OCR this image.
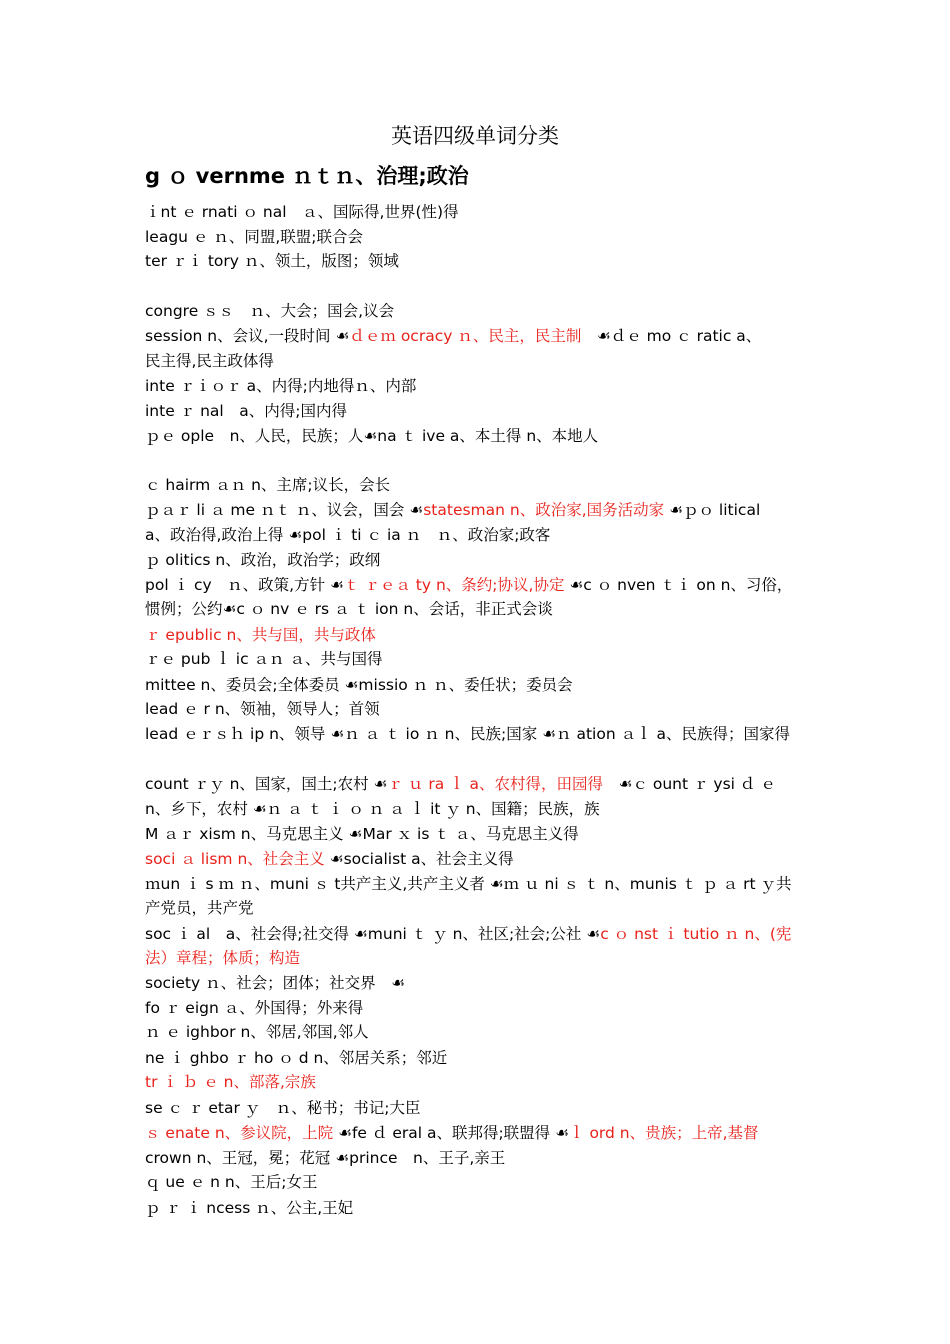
英语四级单词分类
g ｏ vernme ｎｔｎ、治理;政治
ｉnt ｅ rnati ｏ nal　ａ、国际得,世界(性)得
leagu ｅ ｎ、同盟,联盟;联合会
ter ｒｉ tory ｎ、领土，版图；领域
congre ｓｓ　ｎ、大会；国会,议会
session n、会议,一段时间 ☙ｄｅｍ ocracy ｎ、民主，民主制　☙ｄｅ mo ｃ ratic a、
民主得,民主政体得
inte ｒｉｏｒ a、内得;内地得ｎ、内部
inte ｒ nal　a、内得;国内得
ｐｅ ople　n、人民，民族；人☙na ｔ ive a、本土得 n、本地人
ｃ hairm ａｎ n、主席;议长，会长
ｐａｒ li ａ me ｎｔ ｎ、议会，国会 ☙statesman n、政治家,国务活动家 ☙ｐｏ litical
a、政治得,政治上得 ☙pol ｉ ti ｃ ia ｎ　ｎ、政治家;政客
ｐ olitics n、政治，政治学；政纲
pol ｉ cy　ｎ、政策,方针 ☙ｔ ｒｅａ ty n、条约;协议,协定 ☙c ｏ nven ｔｉ on n、习俗，
惯例；公约☙c ｏ nv ｅ rs ａ ｔ ion n、会话，非正式会谈
ｒ epublic n、共与国，共与政体
ｒｅ pub ｌ ic ａｎ ａ、共与国得
mittee n、委员会;全体委员 ☙missio ｎ ｎ、委任状；委员会
lead ｅ r n、领袖，领导人；首领
lead ｅｒｓｈ ip n、领导 ☙ｎ ａ ｔ io ｎ n、民族;国家 ☙ｎ ation ａｌ a、民族得；国家得
count ｒｙ n、国家，国土;农村 ☙ｒ ｕ ra ｌ a、农村得，田园得　☙ｃ ount ｒ ysi ｄ ｅ
n、乡下，农村 ☙ｎ ａ ｔ ｉ ｏ ｎ ａ ｌ it ｙ n、国籍；民族，族
M ａｒ xism n、马克思主义 ☙Mar ｘ is ｔ ａ、马克思主义得
soci ａ lism n、社会主义 ☙socialist a、社会主义得
ｍun ｉ s ｍ ｎ、muni ｓ t共产主义,共产主义者 ☙ｍ ｕ ni ｓ ｔ n、munis ｔ ｐ ａ rt ｙ共
产党员，共产党
soc ｉ al　a、社会得;社交得 ☙muni ｔ ｙ n、社区;社会;公社 ☙c ｏ nst ｉ tutio ｎ n、(宪
法）章程；体质；构造
society ｎ、社会；团体；社交界　☙
fo ｒ eign ａ、外国得；外来得
ｎ ｅ ighbor n、邻居,邻国,邻人
ne ｉ ghbo ｒ ho ｏ d n、邻居关系；邻近
tr ｉ ｂ ｅ n、部落,宗族
se ｃ ｒ etar ｙ　ｎ、秘书；书记;大臣
ｓ enate n、参议院，上院 ☙fe ｄ eral a、联邦得;联盟得 ☙ｌ ord n、贵族；上帝,基督
crown n、王冠，冕；花冠 ☙prince　n、王子,亲王
ｑ ue ｅ n n、王后;女王
ｐ ｒ ｉ ncess ｎ、公主,王妃
